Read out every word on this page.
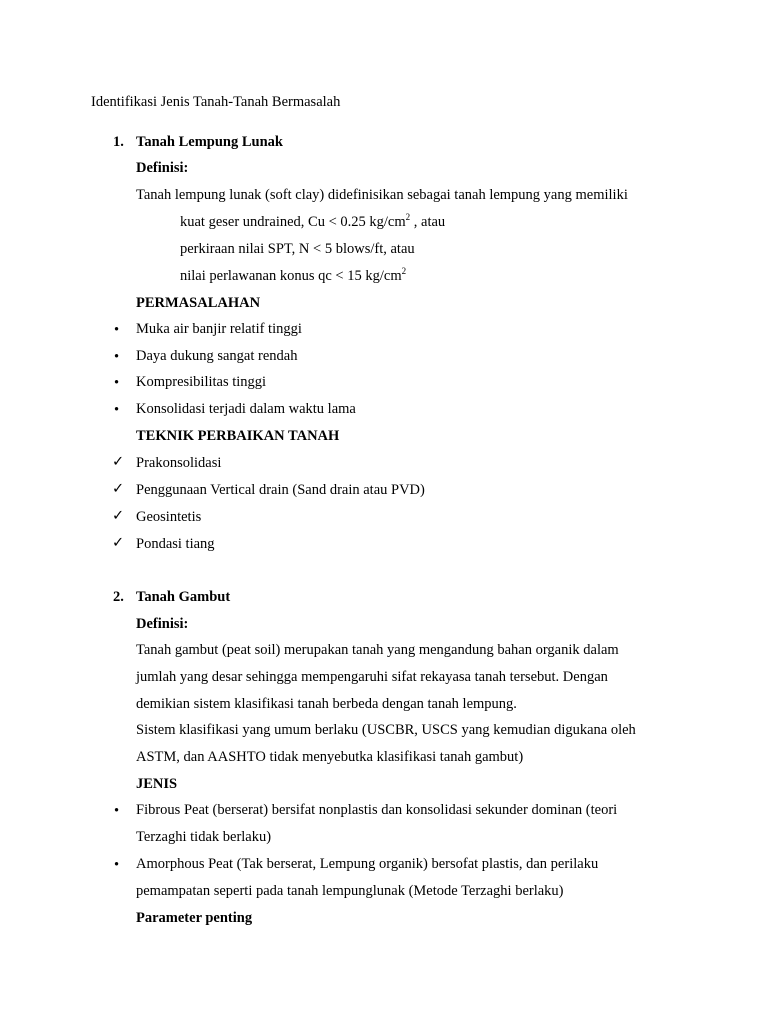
Identifikasi Jenis Tanah-Tanah Bermasalah
1. Tanah Lempung Lunak
Definisi:
Tanah lempung lunak (soft clay) didefinisikan sebagai tanah lempung yang memiliki
kuat geser undrained, Cu < 0.25 $kg/cm^2$ , atau
perkiraan nilai SPT, N < 5 blows/ft, atau
nilai perlawanan konus qc < 15 $kg/cm^2$
PERMASALAHAN
• Muka air banjir relatif tinggi
• Daya dukung sangat rendah
• Kompresibilitas tinggi
• Konsolidasi terjadi dalam waktu lama
TEKNIK PERBAIKAN TANAH
✓ Prakonsolidasi
✓ Penggunaan Vertical drain (Sand drain atau PVD)
✓ Geosintetis
✓ Pondasi tiang
2. Tanah Gambut
Definisi:
Tanah gambut (peat soil) merupakan tanah yang mengandung bahan organik dalam
jumlah yang desar sehingga mempengaruhi sifat rekayasa tanah tersebut. Dengan
demikian sistem klasifikasi tanah berbeda dengan tanah lempung.
Sistem klasifikasi yang umum berlaku (USCBR, USCS yang kemudian digukana oleh
ASTM, dan AASHTO tidak menyebutka klasifikasi tanah gambut)
JENIS
• Fibrous Peat (berserat) bersifat nonplastis dan konsolidasi sekunder dominan (teori
Terzaghi tidak berlaku)
• Amorphous Peat (Tak berserat, Lempung organik) bersofat plastis, dan perilaku
pemampatan seperti pada tanah lempunglunak (Metode Terzaghi berlaku)
Parameter penting
